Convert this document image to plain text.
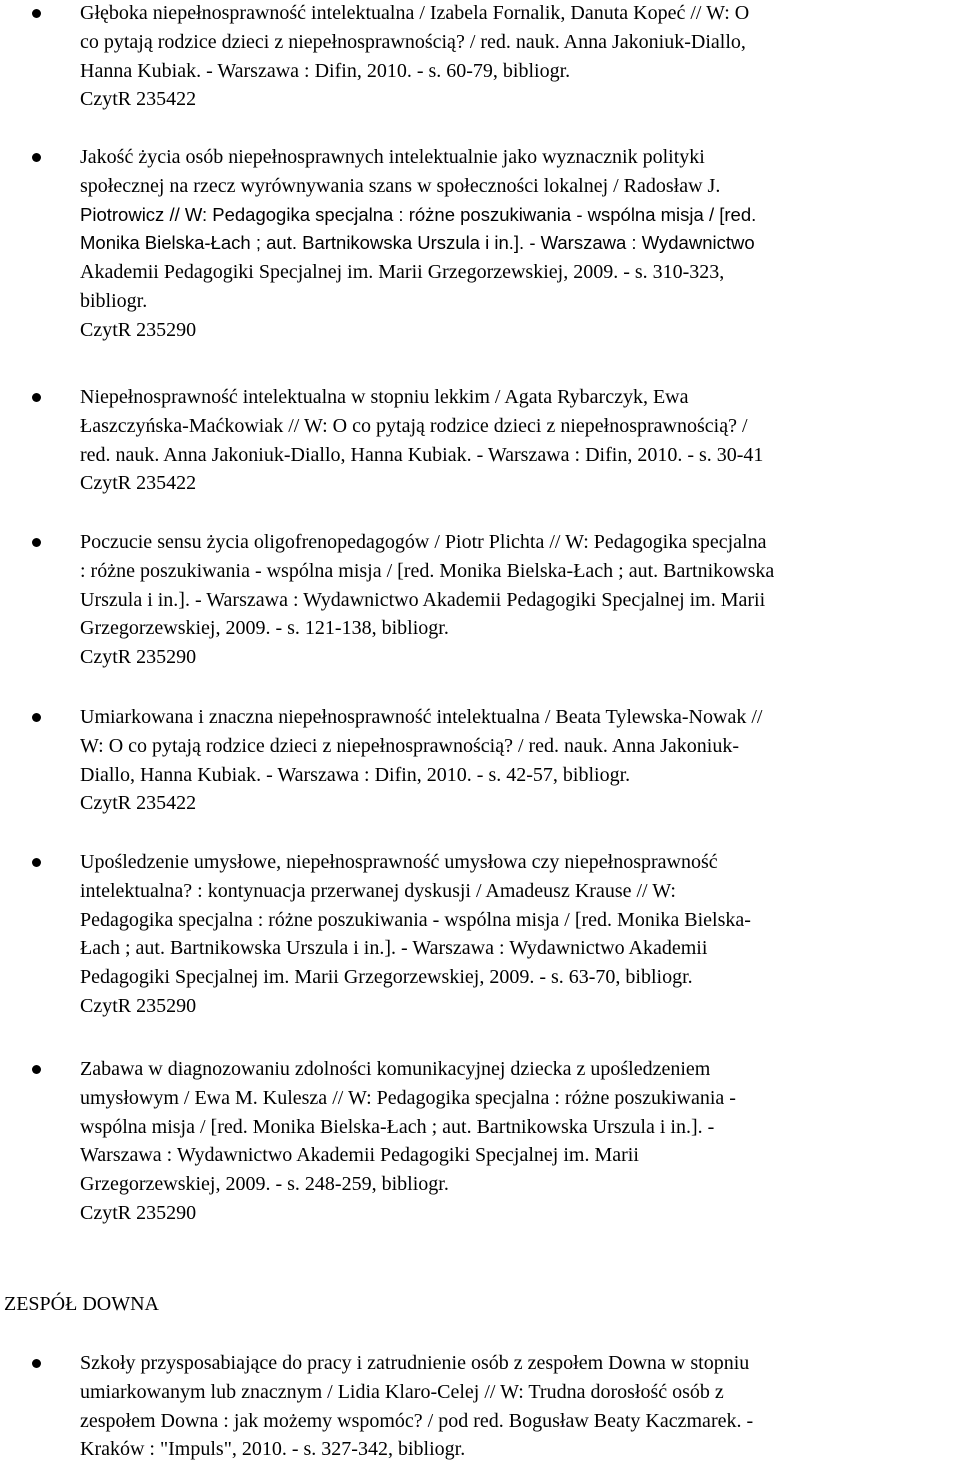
Głęboka niepełnosprawność intelektualna / Izabela Fornalik, Danuta Kopeć // W: O
co pytają rodzice dzieci z niepełnosprawnością? / red. nauk. Anna Jakoniuk-Diallo,
Hanna Kubiak. - Warszawa : Difin, 2010. - s. 60-79, bibliogr.
CzytR 235422
Jakość życia osób niepełnosprawnych intelektualnie jako wyznacznik polityki
społecznej na rzecz wyrównywania szans w społeczności lokalnej / Radosław J.
Piotrowicz // W: Pedagogika specjalna : różne poszukiwania - wspólna misja / [red.
Monika Bielska-Łach ; aut. Bartnikowska Urszula i in.]. - Warszawa : Wydawnictwo
Akademii Pedagogiki Specjalnej im. Marii Grzegorzewskiej, 2009. - s. 310-323,
bibliogr.
CzytR 235290
Niepełnosprawność intelektualna w stopniu lekkim / Agata Rybarczyk, Ewa
Łaszczyńska-Maćkowiak // W: O co pytają rodzice dzieci z niepełnosprawnością? /
red. nauk. Anna Jakoniuk-Diallo, Hanna Kubiak. - Warszawa : Difin, 2010. - s. 30-41
CzytR 235422
Poczucie sensu życia oligofrenopedagogów / Piotr Plichta // W: Pedagogika specjalna
: różne poszukiwania - wspólna misja / [red. Monika Bielska-Łach ; aut. Bartnikowska
Urszula i in.]. - Warszawa : Wydawnictwo Akademii Pedagogiki Specjalnej im. Marii
Grzegorzewskiej, 2009. - s. 121-138, bibliogr.
CzytR 235290
Umiarkowana i znaczna niepełnosprawność intelektualna / Beata Tylewska-Nowak //
W: O co pytają rodzice dzieci z niepełnosprawnością? / red. nauk. Anna Jakoniuk-
Diallo, Hanna Kubiak. - Warszawa : Difin, 2010. - s. 42-57, bibliogr.
CzytR 235422
Upośledzenie umysłowe, niepełnosprawność umysłowa czy niepełnosprawność
intelektualna? : kontynuacja przerwanej dyskusji / Amadeusz Krause // W:
Pedagogika specjalna : różne poszukiwania - wspólna misja / [red. Monika Bielska-
Łach ; aut. Bartnikowska Urszula i in.]. - Warszawa : Wydawnictwo Akademii
Pedagogiki Specjalnej im. Marii Grzegorzewskiej, 2009. - s. 63-70, bibliogr.
CzytR 235290
Zabawa w diagnozowaniu zdolności komunikacyjnej dziecka z upośledzeniem
umysłowym / Ewa M. Kulesza // W: Pedagogika specjalna : różne poszukiwania -
wspólna misja / [red. Monika Bielska-Łach ; aut. Bartnikowska Urszula i in.]. -
Warszawa : Wydawnictwo Akademii Pedagogiki Specjalnej im. Marii
Grzegorzewskiej, 2009. - s. 248-259, bibliogr.
CzytR 235290
ZESPÓŁ DOWNA
Szkoły przysposabiające do pracy i zatrudnienie osób z zespołem Downa w stopniu
umiarkowanym lub znacznym / Lidia Klaro-Celej // W: Trudna dorosłość osób z
zespołem Downa : jak możemy wspomóc? / pod red. Bogusław Beaty Kaczmarek. -
Kraków : "Impuls", 2010. - s. 327-342, bibliogr.
